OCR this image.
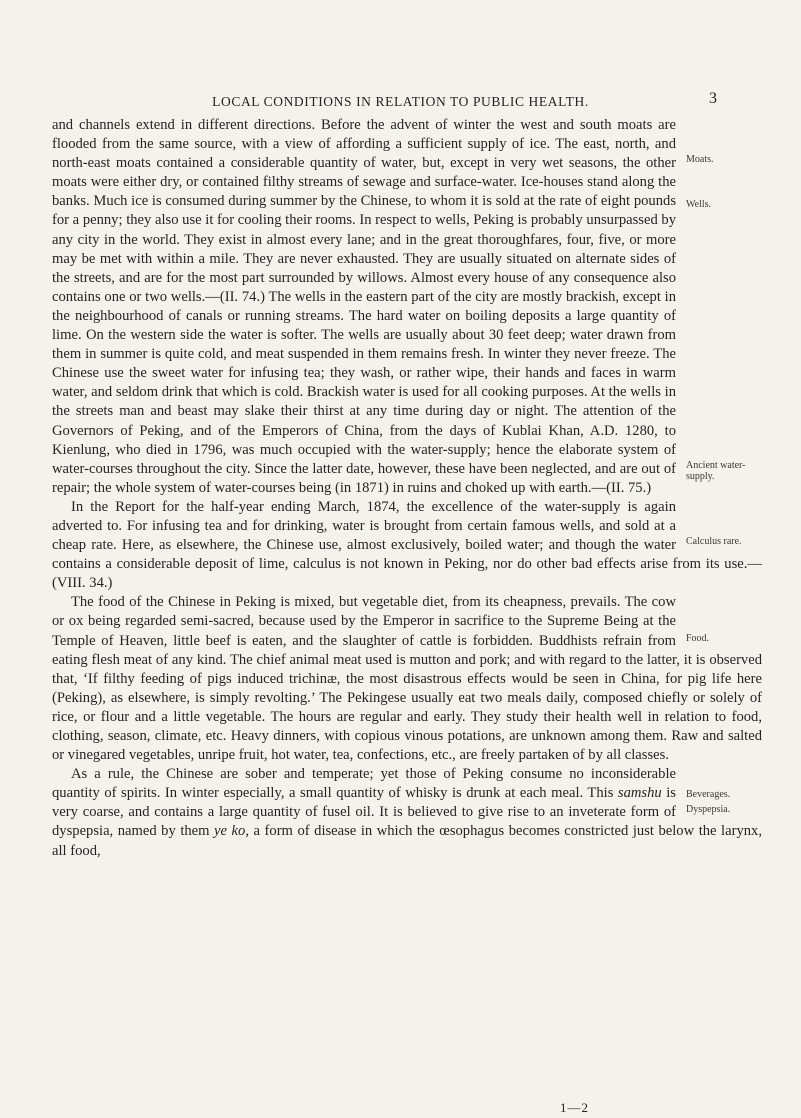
LOCAL CONDITIONS IN RELATION TO PUBLIC HEALTH.	3
Moats.
Wells.
Ancient water-supply.

and channels extend in different directions. Before the advent of winter the west and south moats are flooded from the same source, with a view of affording a sufficient supply of ice. The east, north, and north-east moats contained a considerable quantity of water, but, except in very wet seasons, the other moats were either dry, or contained filthy streams of sewage and surface-water. Ice-houses stand along the banks. Much ice is consumed during summer by the Chinese, to whom it is sold at the rate of eight pounds for a penny; they also use it for cooling their rooms. In respect to wells, Peking is probably unsurpassed by any city in the world. They exist in almost every lane; and in the great thoroughfares, four, five, or more may be met with within a mile. They are never exhausted. They are usually situated on alternate sides of the streets, and are for the most part surrounded by willows. Almost every house of any consequence also contains one or two wells.—(II. 74.) The wells in the eastern part of the city are mostly brackish, except in the neighbourhood of canals or running streams. The hard water on boiling deposits a large quantity of lime. On the western side the water is softer. The wells are usually about 30 feet deep; water drawn from them in summer is quite cold, and meat suspended in them remains fresh. In winter they never freeze. The Chinese use the sweet water for infusing tea; they wash, or rather wipe, their hands and faces in warm water, and seldom drink that which is cold. Brackish water is used for all cooking purposes. At the wells in the streets man and beast may slake their thirst at any time during day or night. The attention of the Governors of Peking, and of the Emperors of China, from the days of Kublai Khan, A.D. 1280, to Kienlung, who died in 1796, was much occupied with the water-supply; hence the elaborate system of water-courses throughout the city. Since the latter date, however, these have been neglected, and are out of repair; the whole system of water-courses being (in 1871) in ruins and choked up with earth.—(II. 75.)

Calculus rare.

In the Report for the half-year ending March, 1874, the excellence of the water-supply is again adverted to. For infusing tea and for drinking, water is brought from certain famous wells, and sold at a cheap rate. Here, as elsewhere, the Chinese use, almost exclusively, boiled water; and though the water contains a considerable deposit of lime, calculus is not known in Peking, nor do other bad effects arise from its use.—(VIII. 34.)

Food.

The food of the Chinese in Peking is mixed, but vegetable diet, from its cheapness, prevails. The cow or ox being regarded semi-sacred, because used by the Emperor in sacrifice to the Supreme Being at the Temple of Heaven, little beef is eaten, and the slaughter of cattle is forbidden. Buddhists refrain from eating flesh meat of any kind. The chief animal meat used is mutton and pork; and with regard to the latter, it is observed that, ‘If filthy feeding of pigs induced trichinæ, the most disastrous effects would be seen in China, for pig life here (Peking), as elsewhere, is simply revolting.’ The Pekingese usually eat two meals daily, composed chiefly or solely of rice, or flour and a little vegetable. The hours are regular and early. They study their health well in relation to food, clothing, season, climate, etc. Heavy dinners, with copious vinous potations, are unknown among them. Raw and salted or vinegared vegetables, unripe fruit, hot water, tea, confections, etc., are freely partaken of by all classes.

Beverages.
Dyspepsia.

As a rule, the Chinese are sober and temperate; yet those of Peking consume no inconsiderable quantity of spirits. In winter especially, a small quantity of whisky is drunk at each meal. This samshu is very coarse, and contains a large quantity of fusel oil. It is believed to give rise to an inveterate form of dyspepsia, named by them ye ko, a form of disease in which the œsophagus becomes constricted just below the larynx, all food,

1—2
